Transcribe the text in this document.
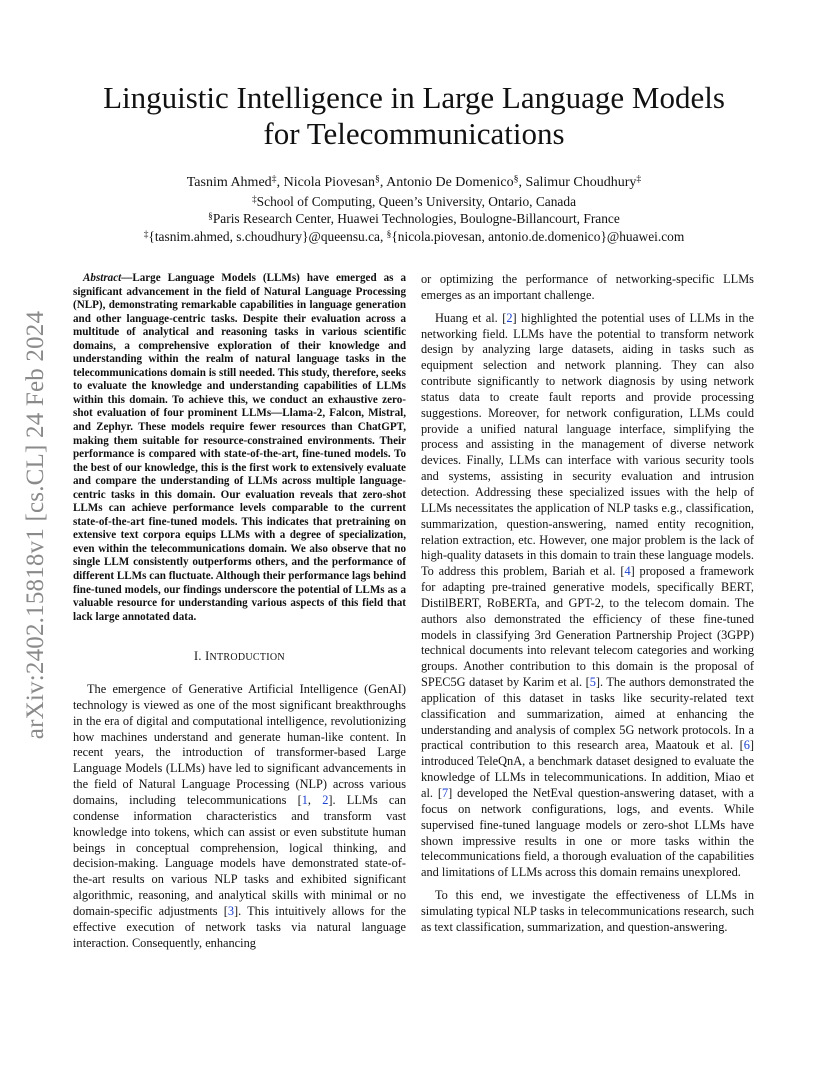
arXiv:2402.15818v1 [cs.CL] 24 Feb 2024
Linguistic Intelligence in Large Language Models
for Telecommunications
Tasnim Ahmed‡, Nicola Piovesan§, Antonio De Domenico§, Salimur Choudhury‡
‡School of Computing, Queen’s University, Ontario, Canada
§Paris Research Center, Huawei Technologies, Boulogne-Billancourt, France
‡{tasnim.ahmed, s.choudhury}@queensu.ca, §{nicola.piovesan, antonio.de.domenico}@huawei.com

Abstract—Large Language Models (LLMs) have emerged as a significant advancement in the field of Natural Language Processing (NLP), demonstrating remarkable capabilities in language generation and other language-centric tasks. Despite their evaluation across a multitude of analytical and reasoning tasks in various scientific domains, a comprehensive exploration of their knowledge and understanding within the realm of natural language tasks in the telecommunications domain is still needed. This study, therefore, seeks to evaluate the knowledge and understanding capabilities of LLMs within this domain. To achieve this, we conduct an exhaustive zero-shot evaluation of four prominent LLMs—Llama-2, Falcon, Mistral, and Zephyr. These models require fewer resources than ChatGPT, making them suitable for resource-constrained environments. Their performance is compared with state-of-the-art, fine-tuned models. To the best of our knowledge, this is the first work to extensively evaluate and compare the understanding of LLMs across multiple language-centric tasks in this domain. Our evaluation reveals that zero-shot LLMs can achieve performance levels comparable to the current state-of-the-art fine-tuned models. This indicates that pretraining on extensive text corpora equips LLMs with a degree of specialization, even within the telecommunications domain. We also observe that no single LLM consistently outperforms others, and the performance of different LLMs can fluctuate. Although their performance lags behind fine-tuned models, our findings underscore the potential of LLMs as a valuable resource for understanding various aspects of this field that lack large annotated data.

I. INTRODUCTION

The emergence of Generative Artificial Intelligence (GenAI) technology is viewed as one of the most significant breakthroughs in the era of digital and computational intelligence, revolutionizing how machines understand and generate human-like content. In recent years, the introduction of transformer-based Large Language Models (LLMs) have led to significant advancements in the field of Natural Language Processing (NLP) across various domains, including telecommunications [1, 2]. LLMs can condense information characteristics and transform vast knowledge into tokens, which can assist or even substitute human beings in conceptual comprehension, logical thinking, and decision-making. Language models have demonstrated state-of-the-art results on various NLP tasks and exhibited significant algorithmic, reasoning, and analytical skills with minimal or no domain-specific adjustments [3]. This intuitively allows for the effective execution of network tasks via natural language interaction. Consequently, enhancing

or optimizing the performance of networking-specific LLMs emerges as an important challenge.

Huang et al. [2] highlighted the potential uses of LLMs in the networking field. LLMs have the potential to transform network design by analyzing large datasets, aiding in tasks such as equipment selection and network planning. They can also contribute significantly to network diagnosis by using network status data to create fault reports and provide processing suggestions. Moreover, for network configuration, LLMs could provide a unified natural language interface, simplifying the process and assisting in the management of diverse network devices. Finally, LLMs can interface with various security tools and systems, assisting in security evaluation and intrusion detection. Addressing these specialized issues with the help of LLMs necessitates the application of NLP tasks e.g., classification, summarization, question-answering, named entity recognition, relation extraction, etc. However, one major problem is the lack of high-quality datasets in this domain to train these language models. To address this problem, Bariah et al. [4] proposed a framework for adapting pre-trained generative models, specifically BERT, DistilBERT, RoBERTa, and GPT-2, to the telecom domain. The authors also demonstrated the efficiency of these fine-tuned models in classifying 3rd Generation Partnership Project (3GPP) technical documents into relevant telecom categories and working groups. Another contribution to this domain is the proposal of SPEC5G dataset by Karim et al. [5]. The authors demonstrated the application of this dataset in tasks like security-related text classification and summarization, aimed at enhancing the understanding and analysis of complex 5G network protocols. In a practical contribution to this research area, Maatouk et al. [6] introduced TeleQnA, a benchmark dataset designed to evaluate the knowledge of LLMs in telecommunications. In addition, Miao et al. [7] developed the NetEval question-answering dataset, with a focus on network configurations, logs, and events. While supervised fine-tuned language models or zero-shot LLMs have shown impressive results in one or more tasks within the telecommunications field, a thorough evaluation of the capabilities and limitations of LLMs across this domain remains unexplored.

To this end, we investigate the effectiveness of LLMs in simulating typical NLP tasks in telecommunications research, such as text classification, summarization, and question-answering.
